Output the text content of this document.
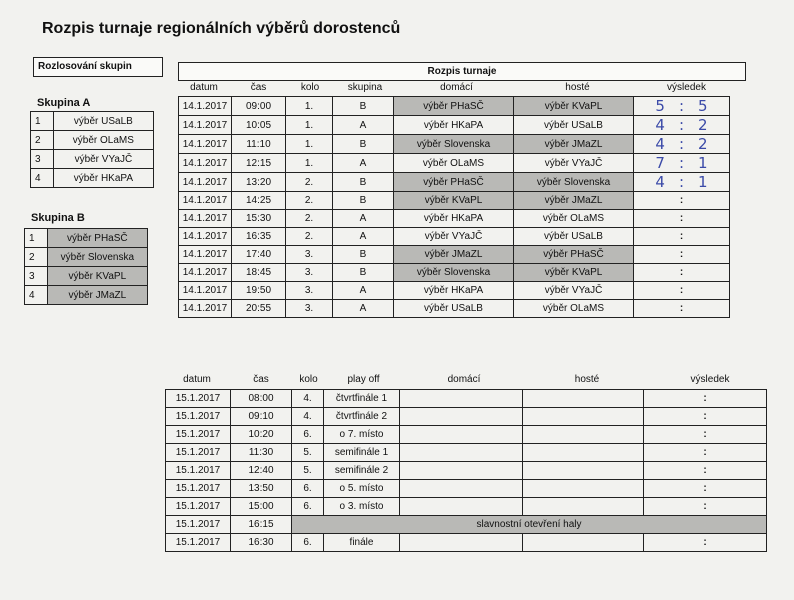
Rozpis turnaje regionálních výběrů dorostenců
Rozlosování skupin
Skupina A
1	výběr USaLB
2	výběr OLaMS
3	výběr VYaJČ
4	výběr HKaPA
Skupina B
1	výběr PHaSČ
2	výběr Slovenska
3	výběr KVaPL
4	výběr JMaZL
Rozpis turnaje
datum	čas	kolo	skupina	domácí	hosté	výsledek
14.1.2017	09:00	1.	B	výběr PHaSČ	výběr KVaPL	5 : 5
14.1.2017	10:05	1.	A	výběr HKaPA	výběr USaLB	4 : 2
14.1.2017	11:10	1.	B	výběr Slovenska	výběr JMaZL	4 : 2
14.1.2017	12:15	1.	A	výběr OLaMS	výběr VYaJČ	7 : 1
14.1.2017	13:20	2.	B	výběr PHaSČ	výběr Slovenska	4 : 1
14.1.2017	14:25	2.	B	výběr KVaPL	výběr JMaZL	:
14.1.2017	15:30	2.	A	výběr HKaPA	výběr OLaMS	:
14.1.2017	16:35	2.	A	výběr VYaJČ	výběr USaLB	:
14.1.2017	17:40	3.	B	výběr JMaZL	výběr PHaSČ	:
14.1.2017	18:45	3.	B	výběr Slovenska	výběr KVaPL	:
14.1.2017	19:50	3.	A	výběr HKaPA	výběr VYaJČ	:
14.1.2017	20:55	3.	A	výběr USaLB	výběr OLaMS	:
datum	čas	kolo	play off	domácí	hosté	výsledek
15.1.2017	08:00	4.	čtvrtfinále 1			:
15.1.2017	09:10	4.	čtvrtfinále 2			:
15.1.2017	10:20	6.	o 7. místo			:
15.1.2017	11:30	5.	semifinále 1			:
15.1.2017	12:40	5.	semifinále 2			:
15.1.2017	13:50	6.	o 5. místo			:
15.1.2017	15:00	6.	o 3. místo			:
15.1.2017	16:15	slavnostní otevření haly				
15.1.2017	16:30	6.	finále			:
